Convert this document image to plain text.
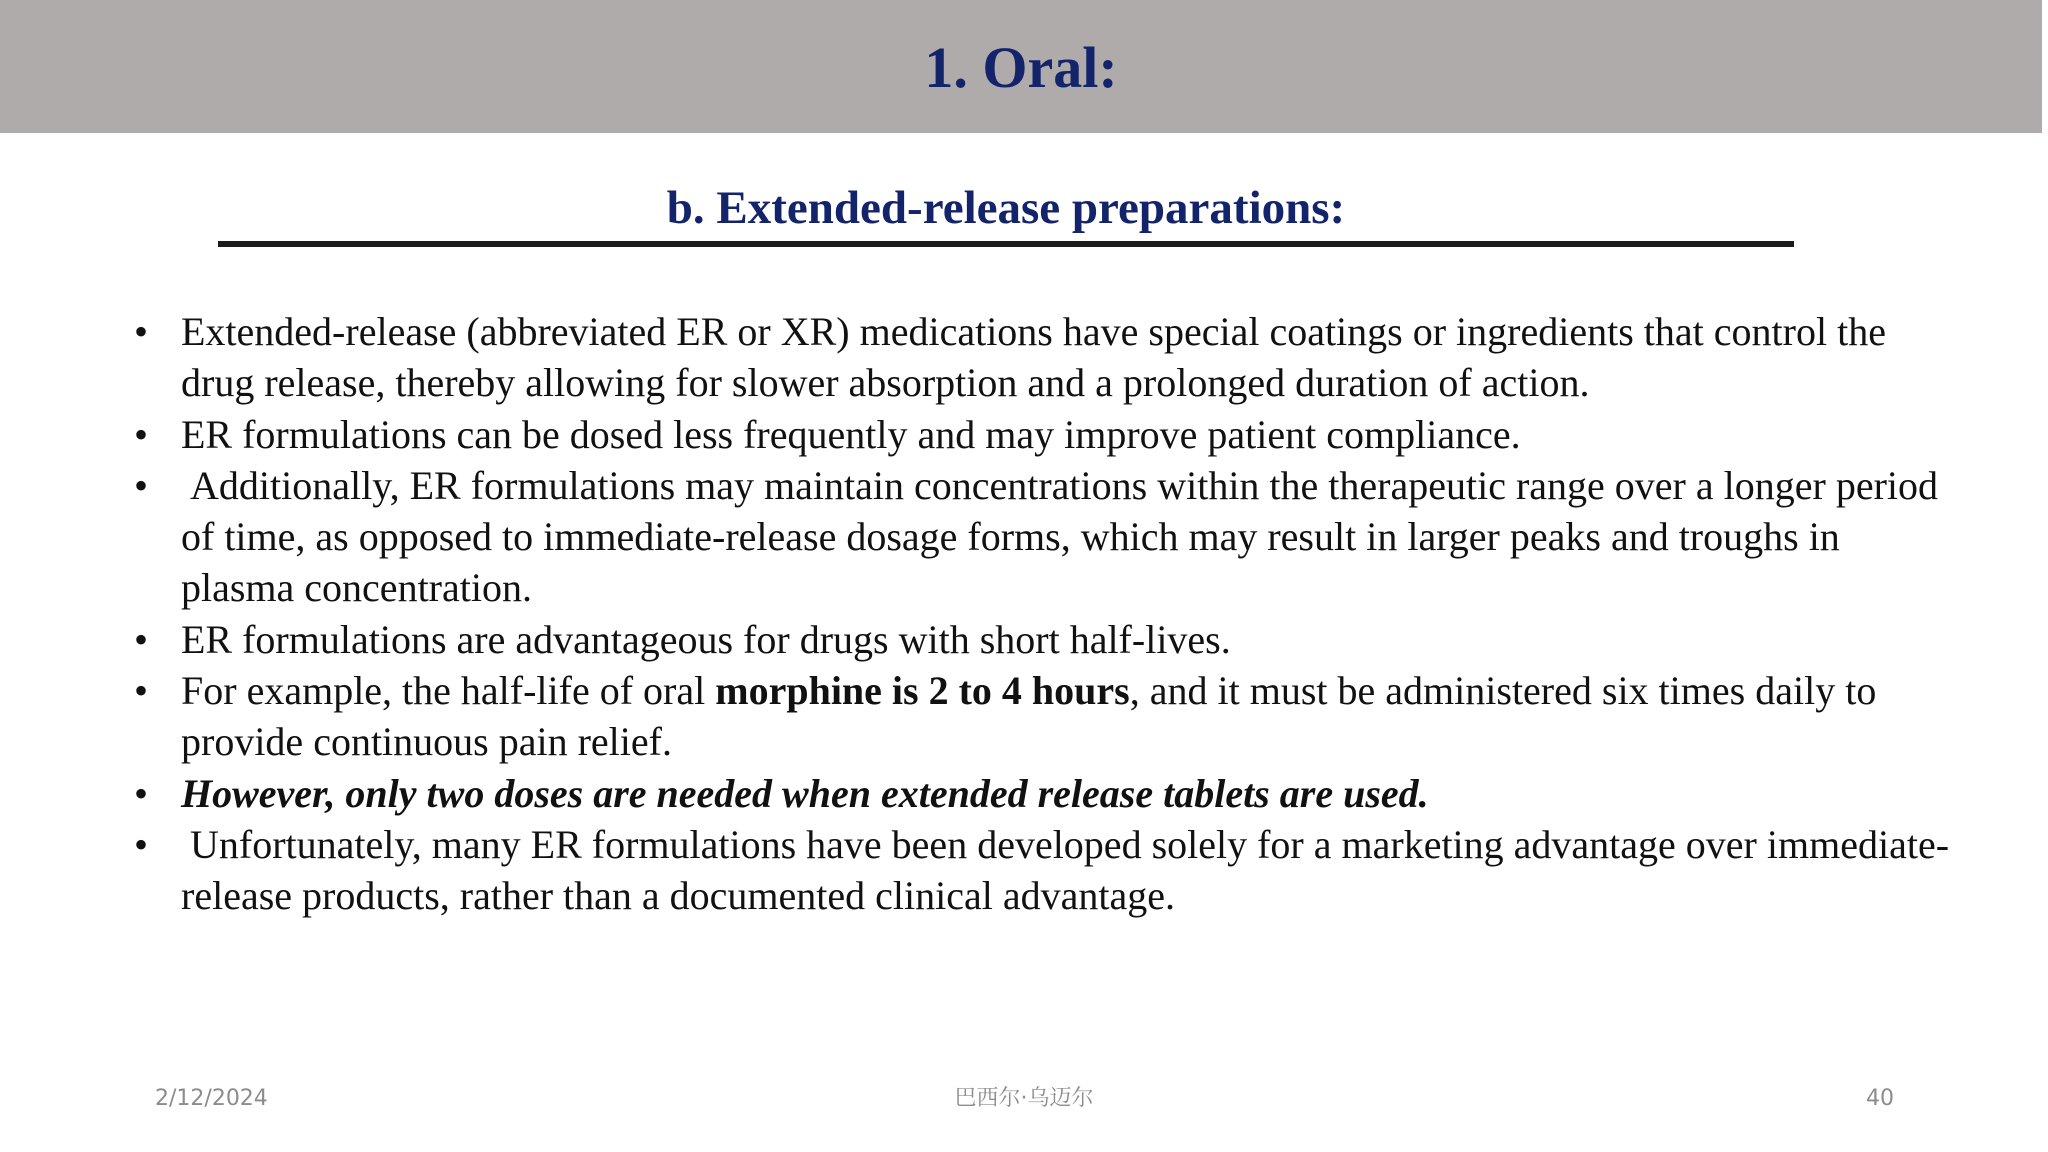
1. Oral:
b. Extended-release preparations:
• Extended-release (abbreviated ER or XR) medications have special coatings or ingredients that control the drug release, thereby allowing for slower absorption and a prolonged duration of action.
• ER formulations can be dosed less frequently and may improve patient compliance.
• Additionally, ER formulations may maintain concentrations within the therapeutic range over a longer period of time, as opposed to immediate-release dosage forms, which may result in larger peaks and troughs in plasma concentration.
• ER formulations are advantageous for drugs with short half-lives.
• For example, the half-life of oral morphine is 2 to 4 hours, and it must be administered six times daily to provide continuous pain relief.
• However, only two doses are needed when extended release tablets are used.
• Unfortunately, many ER formulations have been developed solely for a marketing advantage over immediate-release products, rather than a documented clinical advantage.
2/12/2024	巴西尔·乌迈尔	40
